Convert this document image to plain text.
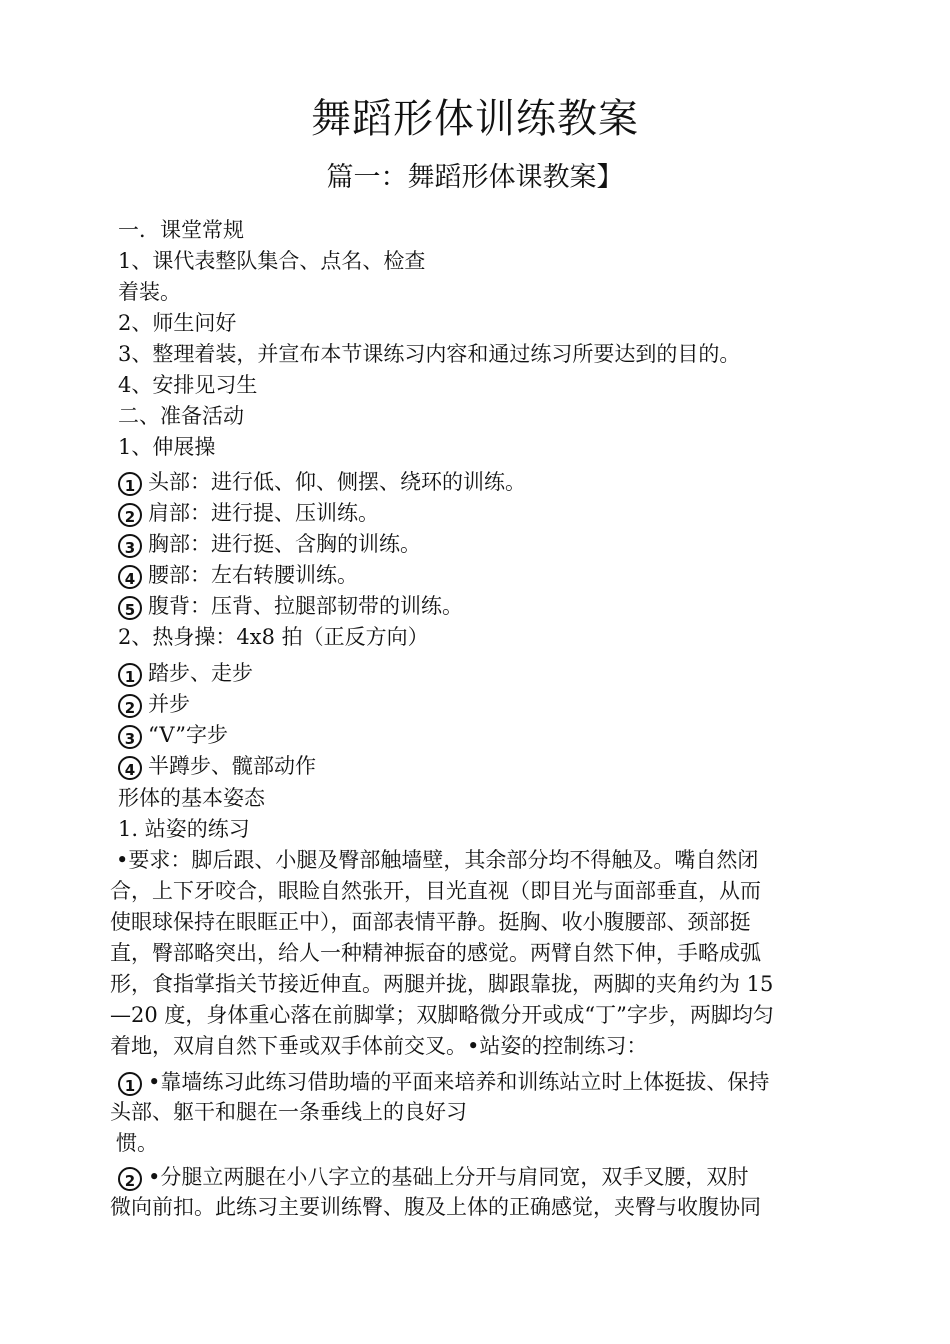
舞蹈形体训练教案
篇一：舞蹈形体课教案】
一．课堂常规
1、课代表整队集合、点名、检查
着装。
2、师生问好
3、整理着装，并宣布本节课练习内容和通过练习所要达到的目的。
4、安排见习生
二、准备活动
1、伸展操
1 头部：进行低、仰、侧摆、绕环的训练。
2 肩部：进行提、压训练。
3 胸部：进行挺、含胸的训练。
4 腰部：左右转腰训练。
5 腹背：压背、拉腿部韧带的训练。
2、热身操：4x8 拍（正反方向）
1 踏步、走步
2 并步
3 “V”字步
4 半蹲步、髋部动作
形体的基本姿态
1. 站姿的练习
•要求：脚后跟、小腿及臀部触墙壁，其余部分均不得触及。嘴自然闭
合，上下牙咬合，眼睑自然张开，目光直视（即目光与面部垂直，从而
使眼球保持在眼眶正中），面部表情平静。挺胸、收小腹腰部、颈部挺
直，臀部略突出，给人一种精神振奋的感觉。两臂自然下伸，手略成弧
形，食指掌指关节接近伸直。两腿并拢，脚跟靠拢，两脚的夹角约为 15
—20 度，身体重心落在前脚掌；双脚略微分开或成“丁”字步，两脚均匀
着地，双肩自然下垂或双手体前交叉。•站姿的控制练习：
1 •靠墙练习此练习借助墙的平面来培养和训练站立时上体挺拔、保持
头部、躯干和腿在一条垂线上的良好习
惯。
2 •分腿立两腿在小八字立的基础上分开与肩同宽，双手叉腰，双肘
微向前扣。此练习主要训练臀、腹及上体的正确感觉，夹臀与收腹协同
